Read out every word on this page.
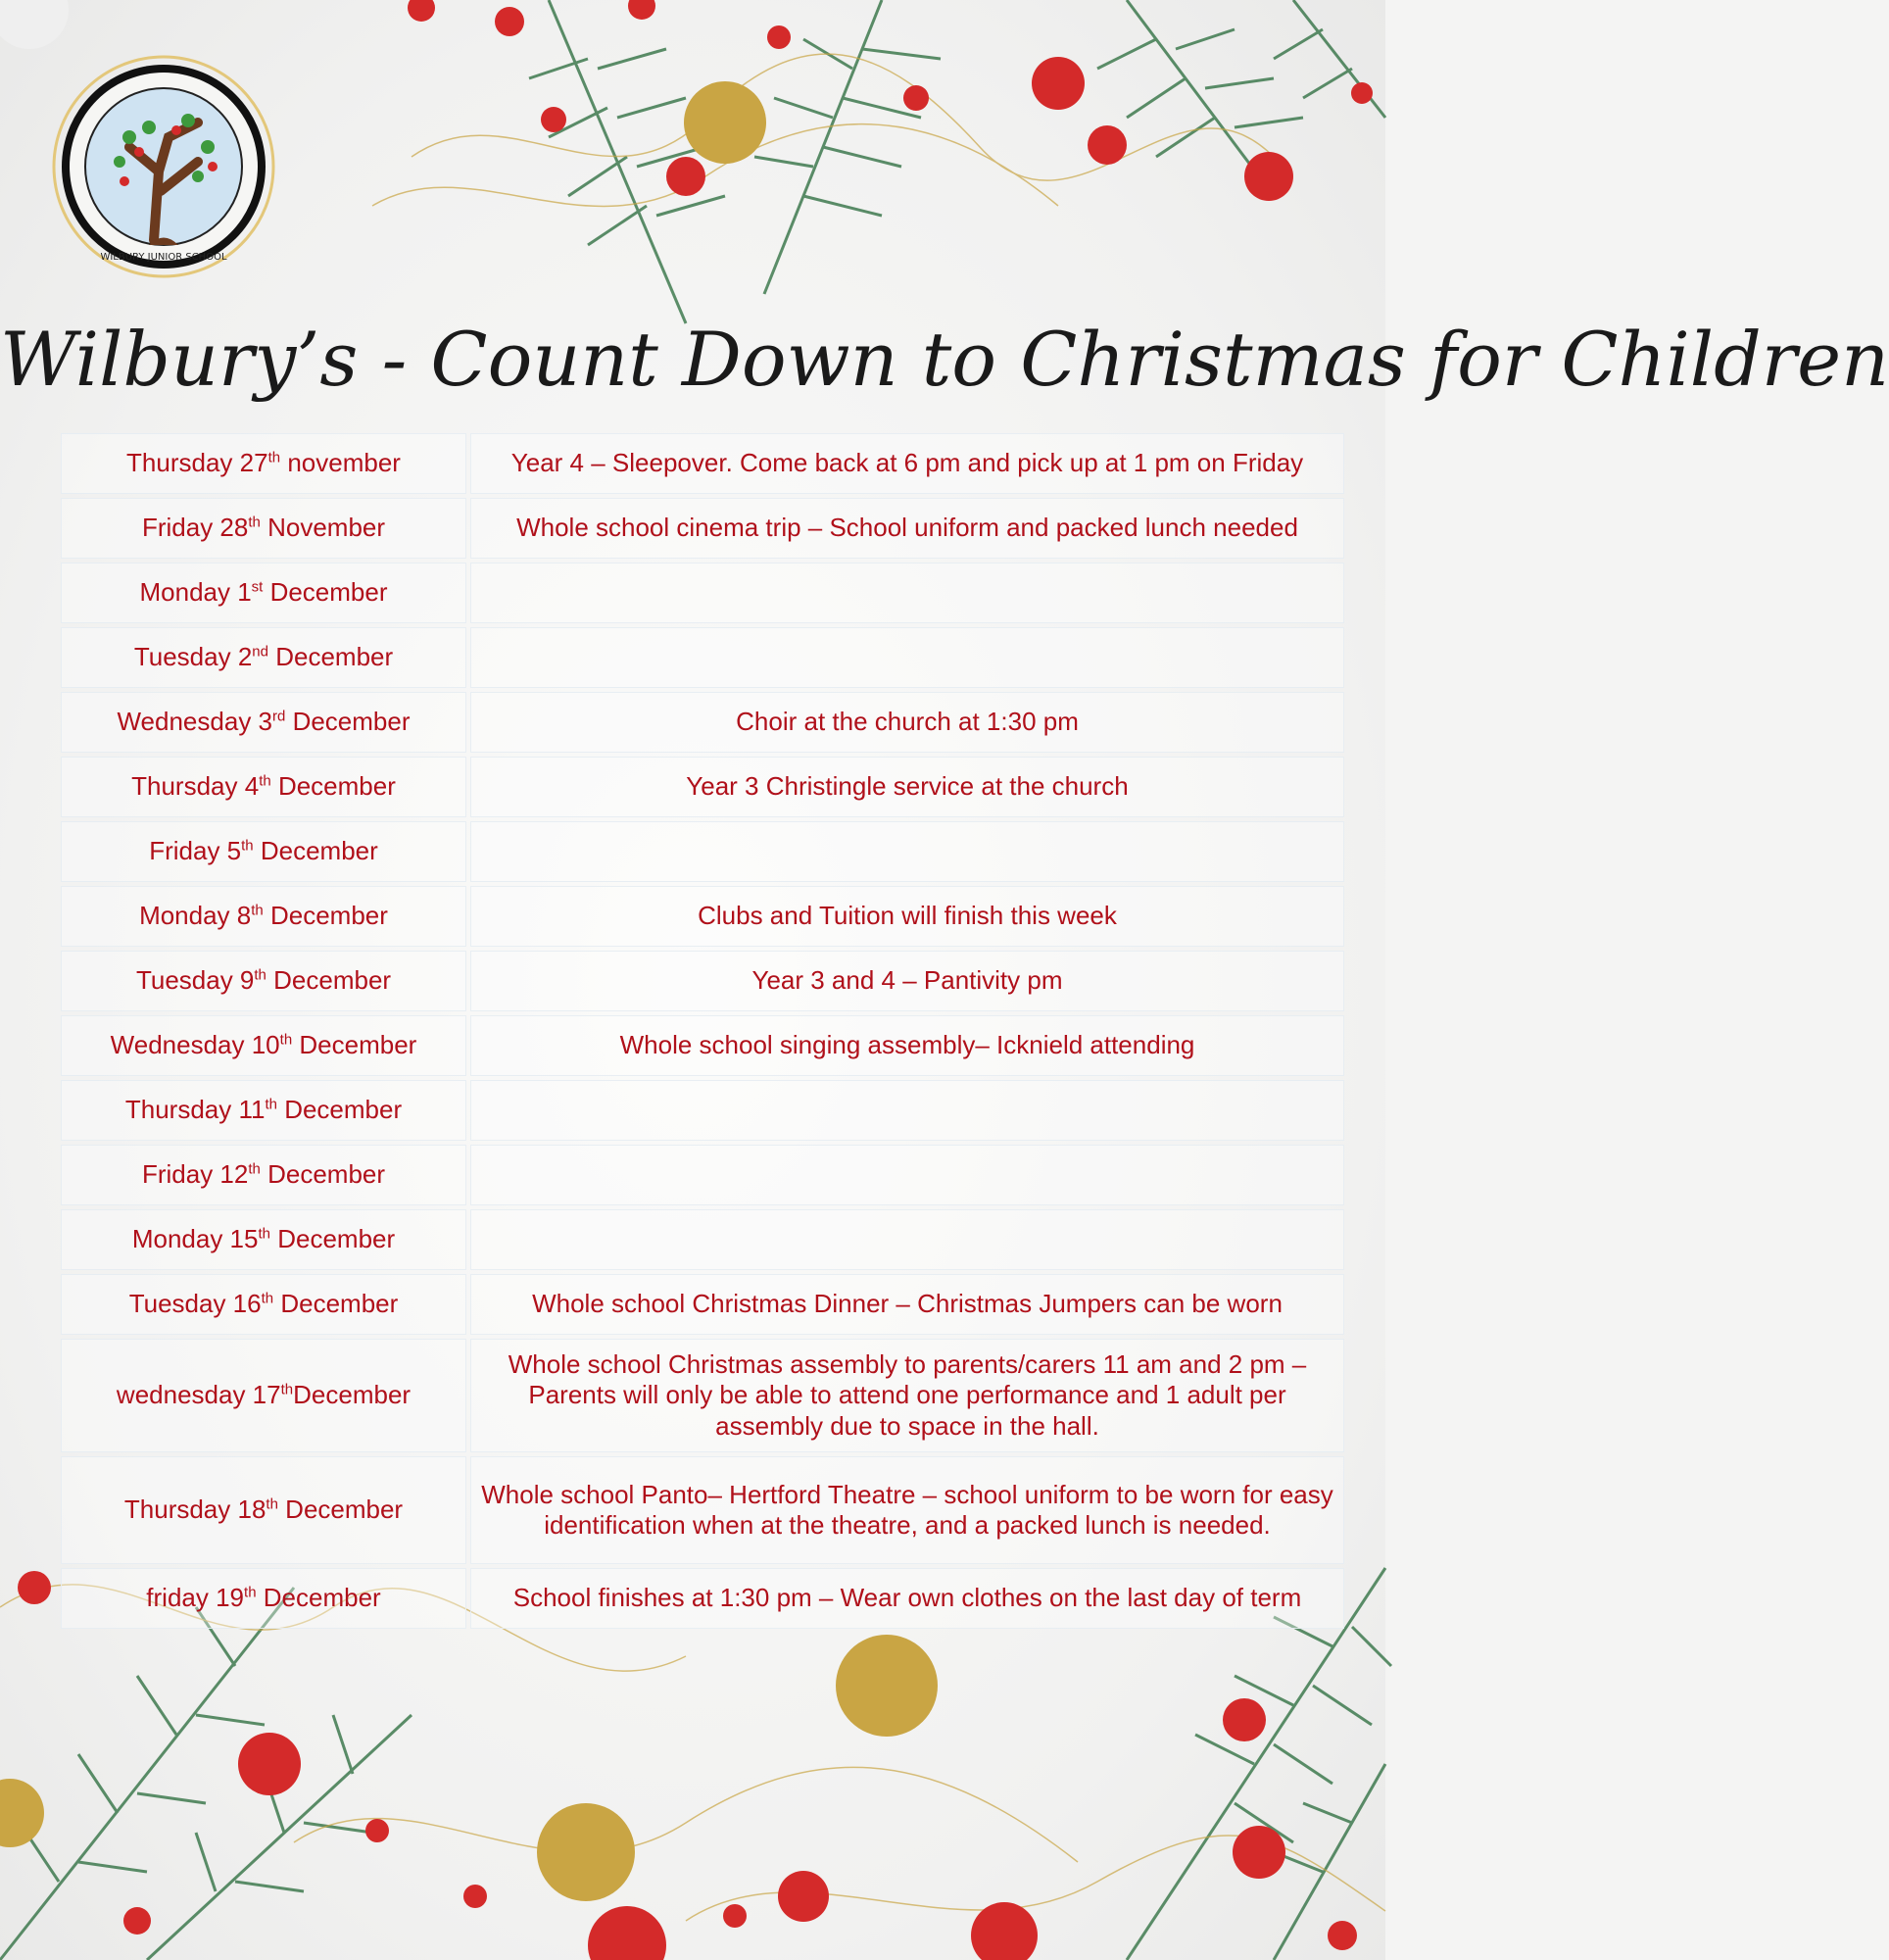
WILBURY JUNIOR SCHOOL
Wilbury’s - Count Down to Christmas for Children
Thursday 27th november	Year 4 – Sleepover. Come back at 6 pm and pick up at 1 pm on Friday
Friday 28th November	Whole school cinema trip – School uniform and packed lunch needed
Monday 1st December	
Tuesday 2nd December	
Wednesday 3rd December	Choir at the church at 1:30 pm
Thursday 4th December	Year 3 Christingle service at the church
Friday 5th December	
Monday 8th December	Clubs and Tuition will finish this week
Tuesday 9th December	Year 3 and 4 – Pantivity pm
Wednesday 10th December	Whole school singing assembly– Icknield attending
Thursday 11th December	
Friday 12th December	
Monday 15th December	
Tuesday 16th December	Whole school Christmas Dinner – Christmas Jumpers can be worn
wednesday 17thDecember	Whole school Christmas assembly to parents/carers 11 am and 2 pm – Parents will only be able to attend one performance and 1 adult per assembly due to space in the hall.
Thursday 18th December	Whole school Panto– Hertford Theatre – school uniform to be worn for easy identification when at the theatre, and a packed lunch is needed.
friday 19th December	School finishes at 1:30 pm – Wear own clothes on the last day of term
